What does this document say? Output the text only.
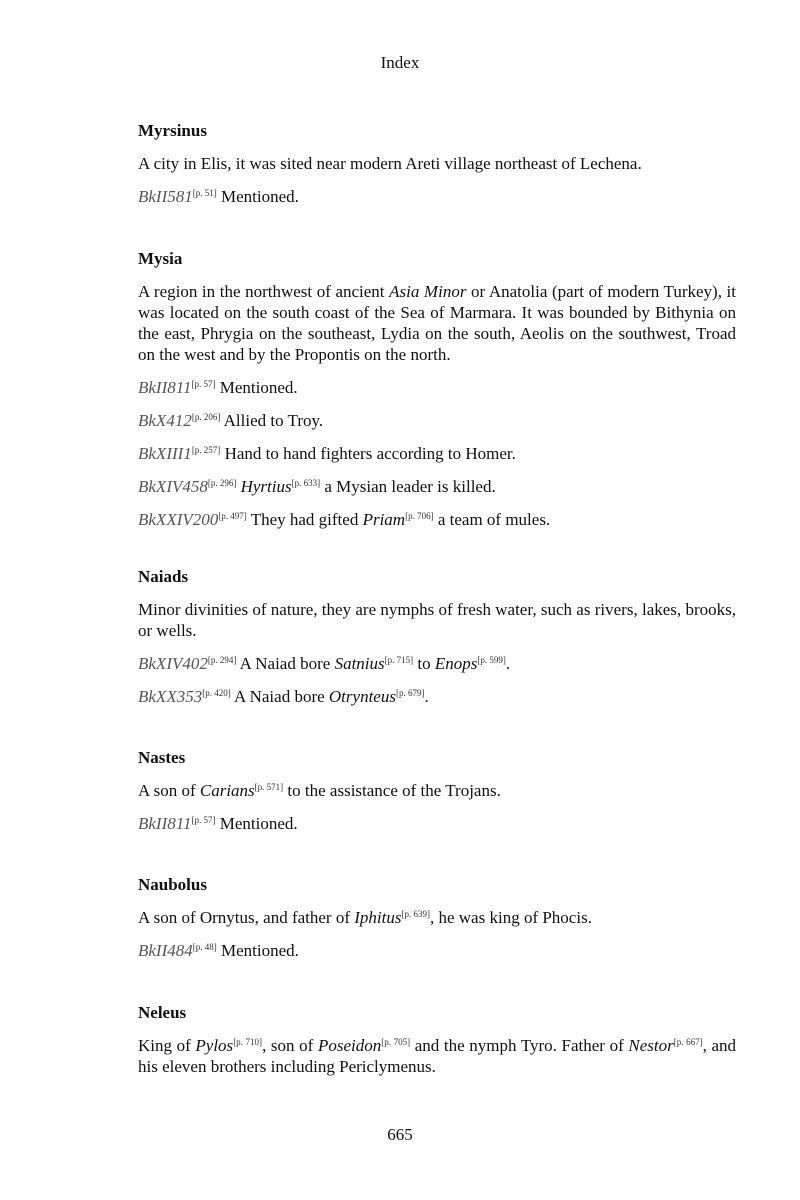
Index
Myrsinus
A city in Elis, it was sited near modern Areti village northeast of Lechena.
BkII581[p. 51] Mentioned.
Mysia
A region in the northwest of ancient Asia Minor or Anatolia (part of modern Turkey), it was located on the south coast of the Sea of Marmara. It was bounded by Bithynia on the east, Phrygia on the southeast, Lydia on the south, Aeolis on the southwest, Troad on the west and by the Propontis on the north.
BkII811[p. 57] Mentioned.
BkX412[p. 206] Allied to Troy.
BkXIII1[p. 257] Hand to hand fighters according to Homer.
BkXIV458[p. 296] Hyrtius[p. 633] a Mysian leader is killed.
BkXXIV200[p. 497] They had gifted Priam[p. 706] a team of mules.
Naiads
Minor divinities of nature, they are nymphs of fresh water, such as rivers, lakes, brooks, or wells.
BkXIV402[p. 294] A Naiad bore Satnius[p. 715] to Enops[p. 599].
BkXX353[p. 420] A Naiad bore Otrynteus[p. 679].
Nastes
A son of Carians[p. 571] to the assistance of the Trojans.
BkII811[p. 57] Mentioned.
Naubolus
A son of Ornytus, and father of Iphitus[p. 639], he was king of Phocis.
BkII484[p. 48] Mentioned.
Neleus
King of Pylos[p. 710], son of Poseidon[p. 705] and the nymph Tyro. Father of Nestor[p. 667], and his eleven brothers including Periclymenus.
665
